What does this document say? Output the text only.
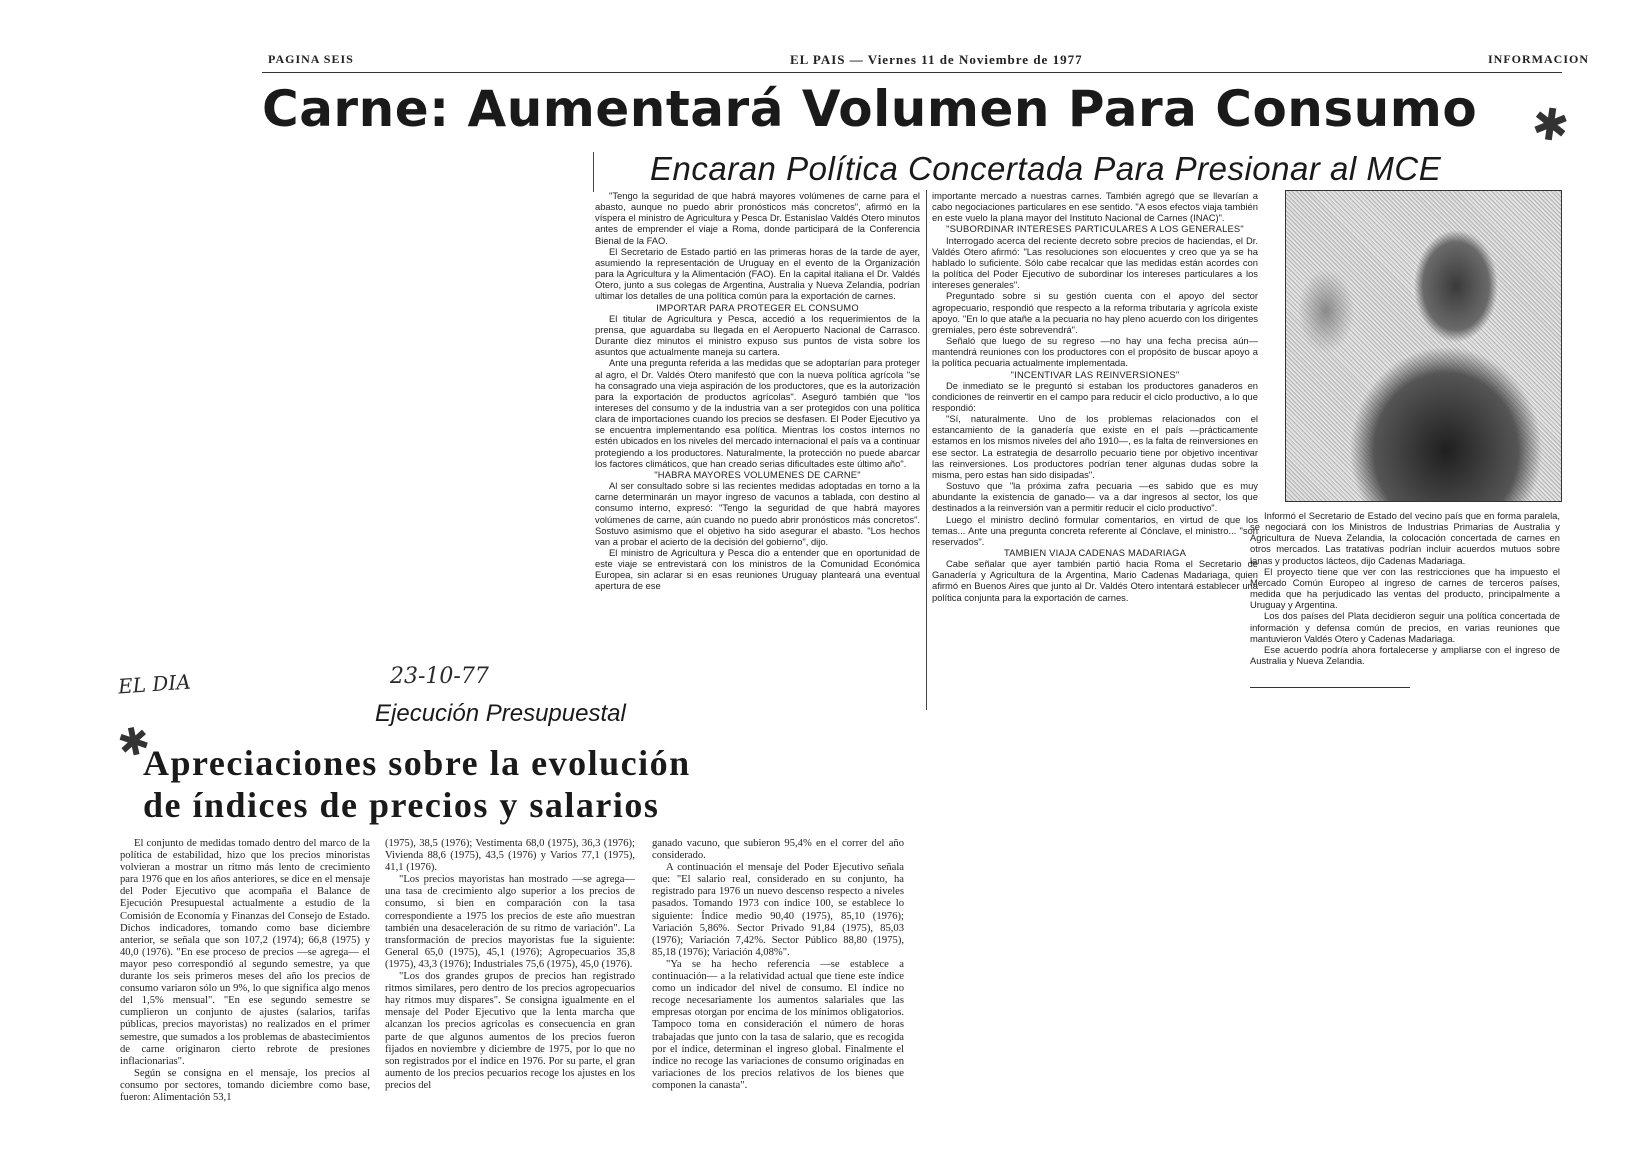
PAGINA SEIS	EL PAIS — Viernes 11 de Noviembre de 1977	INFORMACION
Carne: Aumentará Volumen Para Consumo ✱
Encaran Política Concertada Para Presionar al MCE

"Tengo la seguridad de que habrá mayores volúmenes de carne para el abasto, aunque no puedo abrir pronósticos más concretos", afirmó en la víspera el ministro de Agricultura y Pesca Dr. Estanislao Valdés Otero minutos antes de emprender el viaje a Roma, donde participará de la Conferencia Bienal de la FAO.

El Secretario de Estado partió en las primeras horas de la tarde de ayer, asumiendo la representación de Uruguay en el evento de la Organización para la Agricultura y la Alimentación (FAO). En la capital italiana el Dr. Valdés Otero, junto a sus colegas de Argentina, Australia y Nueva Zelandia, podrían ultimar los detalles de una política común para la exportación de carnes.

IMPORTAR PARA PROTEGER EL CONSUMO

El titular de Agricultura y Pesca, accedió a los requerimientos de la prensa, que aguardaba su llegada en el Aeropuerto Nacional de Carrasco. Durante diez minutos el ministro expuso sus puntos de vista sobre los asuntos que actualmente maneja su cartera.

Ante una pregunta referida a las medidas que se adoptarían para proteger al agro, el Dr. Valdés Otero manifestó que con la nueva política agrícola "se ha consagrado una vieja aspiración de los productores, que es la autorización para la exportación de productos agrícolas". Aseguró también que "los intereses del consumo y de la industria van a ser protegidos con una política clara de importaciones cuando los precios se desfasen. El Poder Ejecutivo ya se encuentra implementando esa política. Mientras los costos internos no estén ubicados en los niveles del mercado internacional el país va a continuar protegiendo a los productores. Naturalmente, la protección no puede abarcar los factores climáticos, que han creado serias dificultades este último año".

"HABRA MAYORES VOLUMENES DE CARNE"

Al ser consultado sobre si las recientes medidas adoptadas en torno a la carne determinarán un mayor ingreso de vacunos a tablada, con destino al consumo interno, expresó: "Tengo la seguridad de que habrá mayores volúmenes de carne, aún cuando no puedo abrir pronósticos más concretos". Sostuvo asimismo que el objetivo ha sido asegurar el abasto. "Los hechos van a probar el acierto de la decisión del gobierno", dijo.

El ministro de Agricultura y Pesca dio a entender que en oportunidad de este viaje se entrevistará con los ministros de la Comunidad Económica Europea, sin aclarar si en esas reuniones Uruguay planteará una eventual apertura de ese

importante mercado a nuestras carnes. También agregó que se llevarían a cabo negociaciones particulares en ese sentido. "A esos efectos viaja también en este vuelo la plana mayor del Instituto Nacional de Carnes (INAC)".

"SUBORDINAR INTERESES PARTICULARES A LOS GENERALES"

Interrogado acerca del reciente decreto sobre precios de haciendas, el Dr. Valdés Otero afirmó: "Las resoluciones son elocuentes y creo que ya se ha hablado lo suficiente. Sólo cabe recalcar que las medidas están acordes con la política del Poder Ejecutivo de subordinar los intereses particulares a los intereses generales".

Preguntado sobre si su gestión cuenta con el apoyo del sector agropecuario, respondió que respecto a la reforma tributaria y agrícola existe apoyo. "En lo que atañe a la pecuaria no hay pleno acuerdo con los dirigentes gremiales, pero éste sobrevendrá".

Señaló que luego de su regreso —no hay una fecha precisa aún— mantendrá reuniones con los productores con el propósito de buscar apoyo a la política pecuaria actualmente implementada.

"INCENTIVAR LAS REINVERSIONES"

De inmediato se le preguntó si estaban los productores ganaderos en condiciones de reinvertir en el campo para reducir el ciclo productivo, a lo que respondió:

"Sí, naturalmente. Uno de los problemas relacionados con el estancamiento de la ganadería que existe en el país —prácticamente estamos en los mismos niveles del año 1910—, es la falta de reinversiones en ese sector. La estrategia de desarrollo pecuario tiene por objetivo incentivar las reinversiones. Los productores podrían tener algunas dudas sobre la misma, pero estas han sido disipadas".

Sostuvo que "la próxima zafra pecuaria —es sabido que es muy abundante la existencia de ganado— va a dar ingresos al sector, los que destinados a la reinversión van a permitir reducir el ciclo productivo".

Luego el ministro declinó formular comentarios, en virtud de que los temas... Ante una pregunta concreta referente al Cónclave, el ministro... "son reservados".

TAMBIEN VIAJA CADENAS MADARIAGA

Cabe señalar que ayer también partió hacia Roma el Secretario de Ganadería y Agricultura de la Argentina, Mario Cadenas Madariaga, quien afirmó en Buenos Aires que junto al Dr. Valdés Otero intentará establecer una política conjunta para la exportación de carnes.

Informó el Secretario de Estado del vecino país que en forma paralela, se negociará con los Ministros de Industrias Primarias de Australia y Agricultura de Nueva Zelandia, la colocación concertada de carnes en otros mercados. Las tratativas podrían incluir acuerdos mutuos sobre lanas y productos lácteos, dijo Cadenas Madariaga.

El proyecto tiene que ver con las restricciones que ha impuesto el Mercado Común Europeo al ingreso de carnes de terceros países, medida que ha perjudicado las ventas del producto, principalmente a Uruguay y Argentina.

Los dos países del Plata decidieron seguir una política concertada de información y defensa común de precios, en varias reuniones que mantuvieron Valdés Otero y Cadenas Madariaga.

Ese acuerdo podría ahora fortalecerse y ampliarse con el ingreso de Australia y Nueva Zelandia.

EL DIA	23-10-77
✱
Ejecución Presupuestal
Apreciaciones sobre la evolución
de índices de precios y salarios

El conjunto de medidas tomado dentro del marco de la política de estabilidad, hizo que los precios minoristas volvieran a mostrar un ritmo más lento de crecimiento para 1976 que en los años anteriores, se dice en el mensaje del Poder Ejecutivo que acompaña el Balance de Ejecución Presupuestal actualmente a estudio de la Comisión de Economía y Finanzas del Consejo de Estado. Dichos indicadores, tomando como base diciembre anterior, se señala que son 107,2 (1974); 66,8 (1975) y 40,0 (1976). "En ese proceso de precios —se agrega— el mayor peso correspondió al segundo semestre, ya que durante los seis primeros meses del año los precios de consumo variaron sólo un 9%, lo que significa algo menos del 1,5% mensual". "En ese segundo semestre se cumplieron un conjunto de ajustes (salarios, tarifas públicas, precios mayoristas) no realizados en el primer semestre, que sumados a los problemas de abastecimientos de carne originaron cierto rebrote de presiones inflacionarias".

Según se consigna en el mensaje, los precios al consumo por sectores, tomando diciembre como base, fueron: Alimentación 53,1

(1975), 38,5 (1976); Vestimenta 68,0 (1975), 36,3 (1976); Vivienda 88,6 (1975), 43,5 (1976) y Varios 77,1 (1975), 41,1 (1976).

"Los precios mayoristas han mostrado —se agrega— una tasa de crecimiento algo superior a los precios de consumo, si bien en comparación con la tasa correspondiente a 1975 los precios de este año muestran también una desaceleración de su ritmo de variación". La transformación de precios mayoristas fue la siguiente: General 65,0 (1975), 45,1 (1976); Agropecuarios 35,8 (1975), 43,3 (1976); Industriales 75,6 (1975), 45,0 (1976).

"Los dos grandes grupos de precios han registrado ritmos similares, pero dentro de los precios agropecuarios hay ritmos muy dispares". Se consigna igualmente en el mensaje del Poder Ejecutivo que la lenta marcha que alcanzan los precios agrícolas es consecuencia en gran parte de que algunos aumentos de los precios fueron fijados en noviembre y diciembre de 1975, por lo que no son registrados por el índice en 1976. Por su parte, el gran aumento de los precios pecuarios recoge los ajustes en los precios del

ganado vacuno, que subieron 95,4% en el correr del año considerado.

A continuación el mensaje del Poder Ejecutivo señala que: "El salario real, considerado en su conjunto, ha registrado para 1976 un nuevo descenso respecto a niveles pasados. Tomando 1973 con índice 100, se establece lo siguiente: Índice medio 90,40 (1975), 85,10 (1976); Variación 5,86%. Sector Privado 91,84 (1975), 85,03 (1976); Variación 7,42%. Sector Público 88,80 (1975), 85,18 (1976); Variación 4,08%".

"Ya se ha hecho referencia —se establece a continuación— a la relatividad actual que tiene este índice como un indicador del nivel de consumo. El índice no recoge necesariamente los aumentos salariales que las empresas otorgan por encima de los mínimos obligatorios. Tampoco toma en consideración el número de horas trabajadas que junto con la tasa de salario, que es recogida por el índice, determinan el ingreso global. Finalmente el índice no recoge las variaciones de consumo originadas en variaciones de los precios relativos de los bienes que componen la canasta".
